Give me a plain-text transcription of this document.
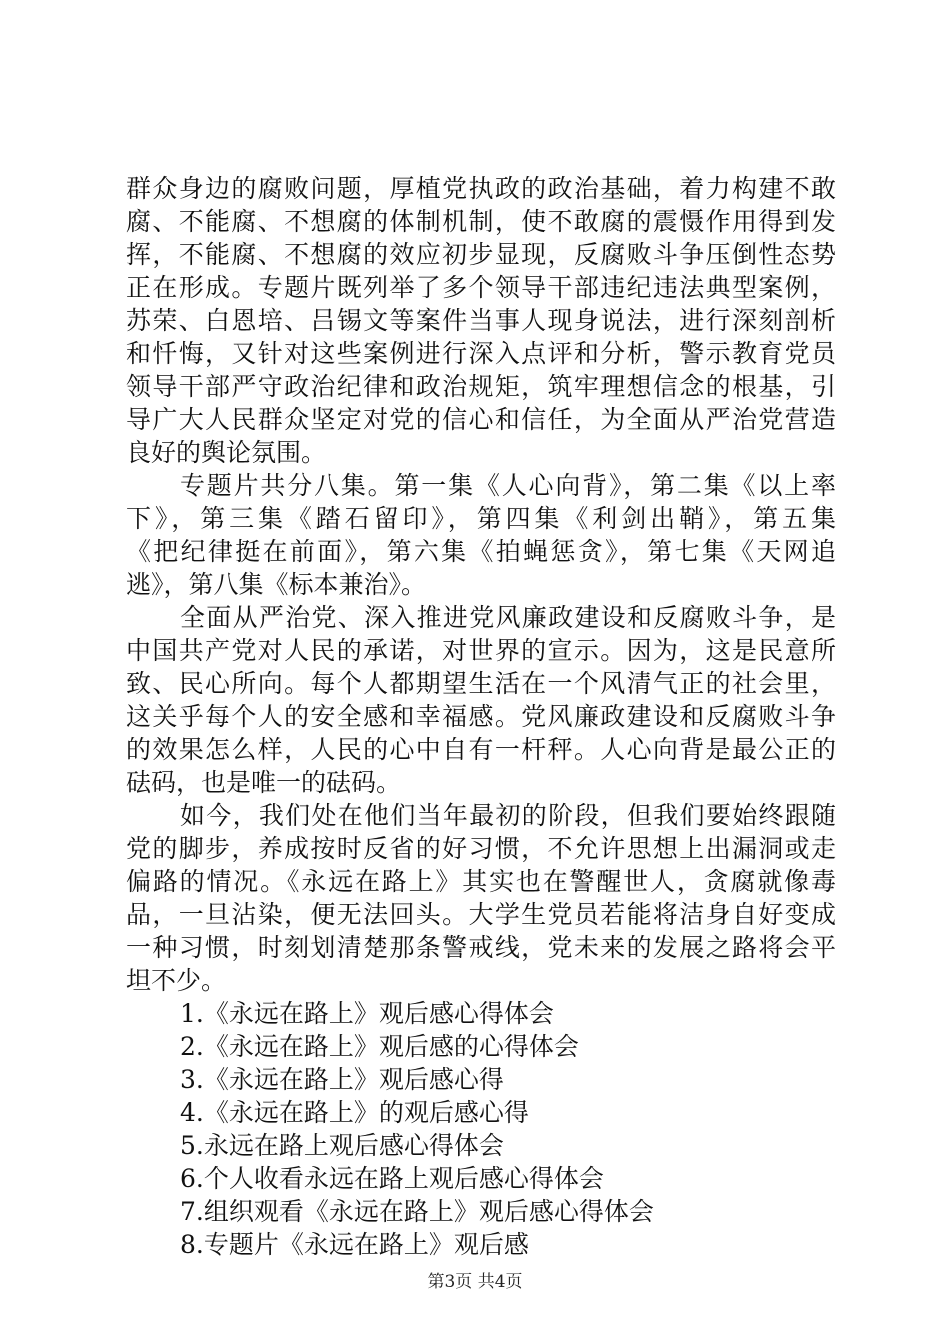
群众身边的腐败问题，厚植党执政的政治基础，着力构建不敢
腐、不能腐、不想腐的体制机制，使不敢腐的震慑作用得到发
挥，不能腐、不想腐的效应初步显现，反腐败斗争压倒性态势
正在形成。专题片既列举了多个领导干部违纪违法典型案例，
苏荣、白恩培、吕锡文等案件当事人现身说法，进行深刻剖析
和忏悔，又针对这些案例进行深入点评和分析，警示教育党员
领导干部严守政治纪律和政治规矩，筑牢理想信念的根基，引
导广大人民群众坚定对党的信心和信任，为全面从严治党营造
良好的舆论氛围。
专题片共分八集。第一集《人心向背》，第二集《以上率
下》，第三集《踏石留印》，第四集《利剑出鞘》，第五集
《把纪律挺在前面》，第六集《拍蝇惩贪》，第七集《天网追
逃》，第八集《标本兼治》。
全面从严治党、深入推进党风廉政建设和反腐败斗争，是
中国共产党对人民的承诺，对世界的宣示。因为，这是民意所
致、民心所向。每个人都期望生活在一个风清气正的社会里，
这关乎每个人的安全感和幸福感。党风廉政建设和反腐败斗争
的效果怎么样，人民的心中自有一杆秤。人心向背是最公正的
砝码，也是唯一的砝码。
如今，我们处在他们当年最初的阶段，但我们要始终跟随
党的脚步，养成按时反省的好习惯，不允许思想上出漏洞或走
偏路的情况。《永远在路上》其实也在警醒世人，贪腐就像毒
品，一旦沾染，便无法回头。大学生党员若能将洁身自好变成
一种习惯，时刻划清楚那条警戒线，党未来的发展之路将会平
坦不少。
1.《永远在路上》观后感心得体会
2.《永远在路上》观后感的心得体会
3.《永远在路上》观后感心得
4.《永远在路上》的观后感心得
5.永远在路上观后感心得体会
6.个人收看永远在路上观后感心得体会
7.组织观看《永远在路上》观后感心得体会
8.专题片《永远在路上》观后感
第3页 共4页
